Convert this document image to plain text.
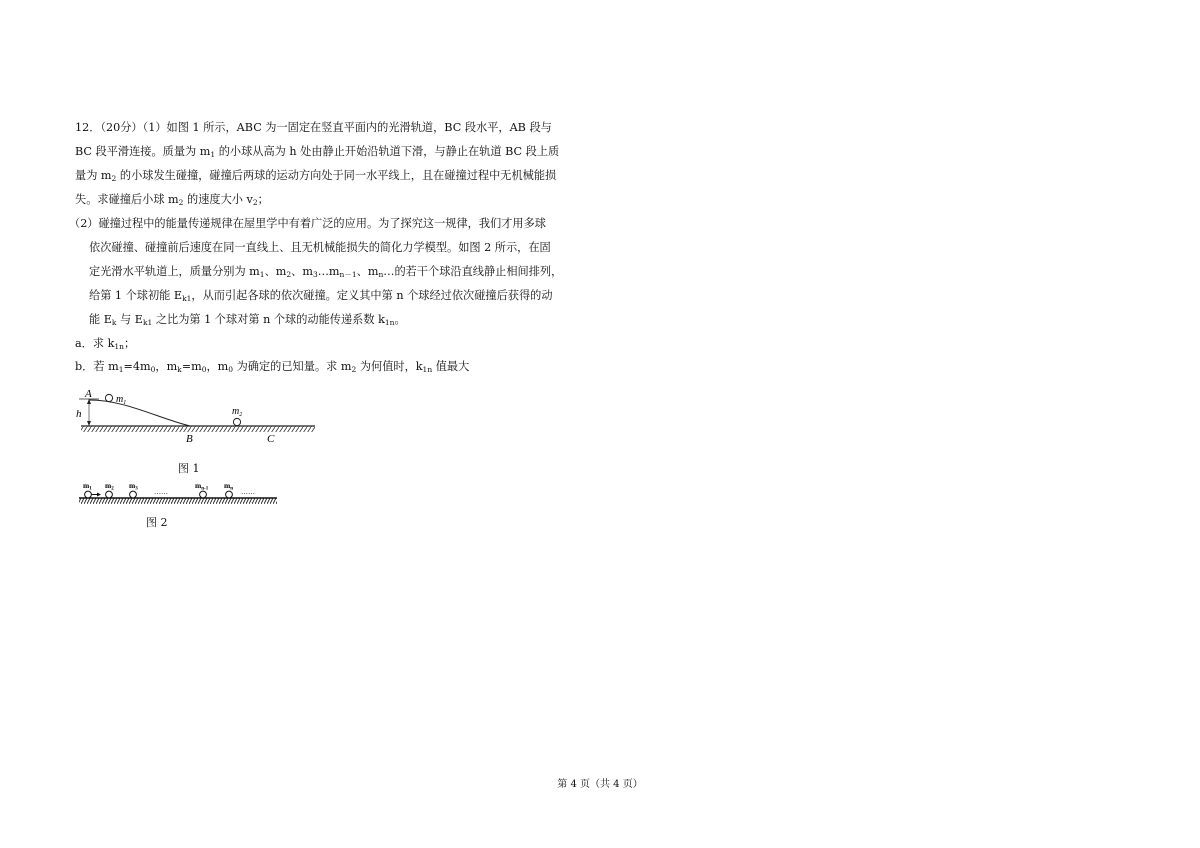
12．（20分）（1）如图 1 所示，ABC 为一固定在竖直平面内的光滑轨道，BC 段水平，AB 段与
BC 段平滑连接。质量为 $m_1$ 的小球从高为 h 处由静止开始沿轨道下滑，与静止在轨道 BC 段上质
量为 $m_2$ 的小球发生碰撞，碰撞后两球的运动方向处于同一水平线上，且在碰撞过程中无机械能损
失。求碰撞后小球 $m_2$ 的速度大小 $v_2$；
（2）碰撞过程中的能量传递规律在屋里学中有着广泛的应用。为了探究这一规律，我们才用多球
依次碰撞、碰撞前后速度在同一直线上、且无机械能损失的简化力学模型。如图 2 所示，在固
定光滑水平轨道上，质量分别为 $m_1$、$m_2$、$m_3\dots m_{n-1}$、$m_n\dots$的若干个球沿直线静止相间排列，
给第 1 个球初能 $E_{k1}$，从而引起各球的依次碰撞。定义其中第 n 个球经过依次碰撞后获得的动
能 $E_k$ 与 $E_{k1}$ 之比为第 1 个球对第 n 个球的动能传递系数 $k_{1n}$。
a．求 $k_{1n}$；
b．若 $m_1=4m_0$，$m_k=m_0$，$m_0$ 为确定的已知量。求 $m_2$ 为何值时，$k_{1n}$ 值最大
A
h
$m_1$
$m_2$
B	C
图 1
$m_1$ $m_2$ $m_3$ ……
$m_{n-1}$ $m_n$ ……
图 2
第 4 页（共 4 页）
